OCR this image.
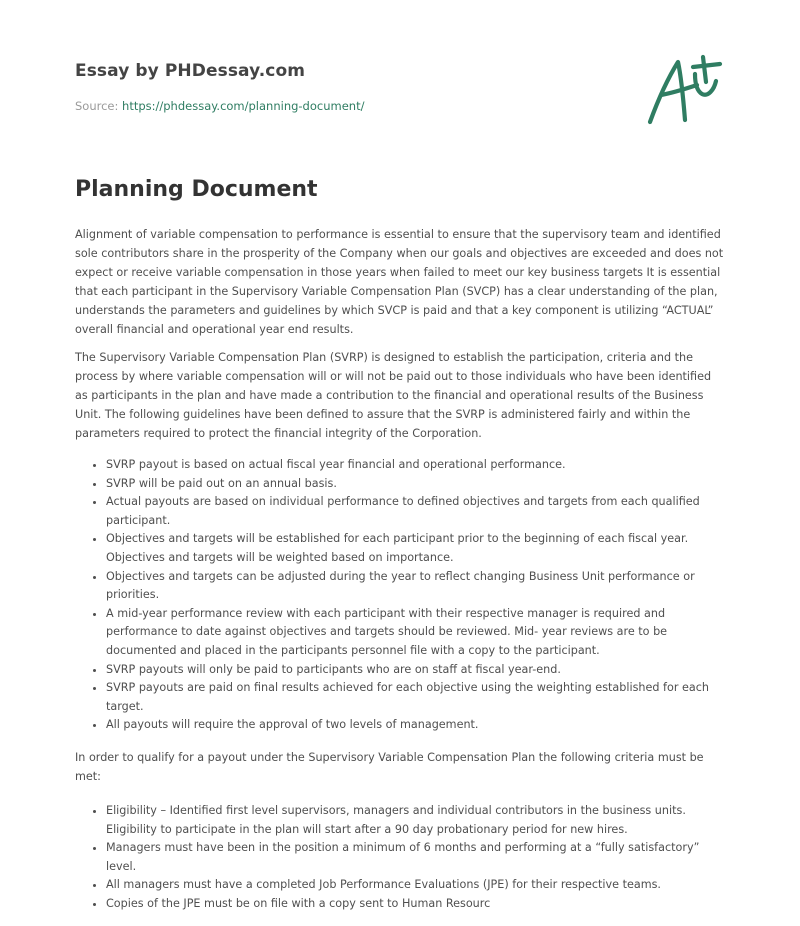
Essay by PHDessay.com
Source: https://phdessay.com/planning-document/
Planning Document

Alignment of variable compensation to performance is essential to ensure that the supervisory team and identified sole contributors share in the prosperity of the Company when our goals and objectives are exceeded and does not expect or receive variable compensation in those years when failed to meet our key business targets It is essential that each participant in the Supervisory Variable Compensation Plan (SVCP) has a clear understanding of the plan, understands the parameters and guidelines by which SVCP is paid and that a key component is utilizing “ACTUAL” overall financial and operational year end results.

The Supervisory Variable Compensation Plan (SVRP) is designed to establish the participation, criteria and the process by where variable compensation will or will not be paid out to those individuals who have been identified as participants in the plan and have made a contribution to the financial and operational results of the Business Unit. The following guidelines have been defined to assure that the SVRP is administered fairly and within the parameters required to protect the financial integrity of the Corporation.

• SVRP payout is based on actual fiscal year financial and operational performance.
• SVRP will be paid out on an annual basis.
• Actual payouts are based on individual performance to defined objectives and targets from each qualified participant.
• Objectives and targets will be established for each participant prior to the beginning of each fiscal year. Objectives and targets will be weighted based on importance.
• Objectives and targets can be adjusted during the year to reflect changing Business Unit performance or priorities.
• A mid-year performance review with each participant with their respective manager is required and performance to date against objectives and targets should be reviewed. Mid- year reviews are to be documented and placed in the participants personnel file with a copy to the participant.
• SVRP payouts will only be paid to participants who are on staff at fiscal year-end.
• SVRP payouts are paid on final results achieved for each objective using the weighting established for each target.
• All payouts will require the approval of two levels of management.

In order to qualify for a payout under the Supervisory Variable Compensation Plan the following criteria must be met:

• Eligibility – Identified first level supervisors, managers and individual contributors in the business units. Eligibility to participate in the plan will start after a 90 day probationary period for new hires.
• Managers must have been in the position a minimum of 6 months and performing at a “fully satisfactory” level.
• All managers must have a completed Job Performance Evaluations (JPE) for their respective teams.
• Copies of the JPE must be on file with a copy sent to Human Resourc
